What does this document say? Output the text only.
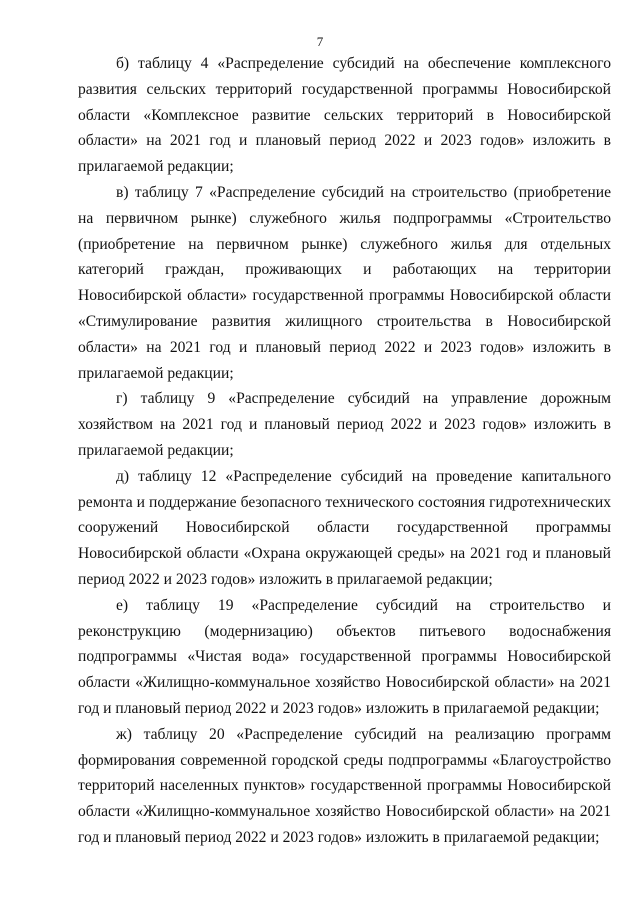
7

б) таблицу 4 «Распределение субсидий на обеспечение комплексного развития сельских территорий государственной программы Новосибирской области «Комплексное развитие сельских территорий в Новосибирской области» на 2021 год и плановый период 2022 и 2023 годов» изложить в прилагаемой редакции;

в) таблицу 7 «Распределение субсидий на строительство (приобретение на первичном рынке) служебного жилья подпрограммы «Строительство (приобретение на первичном рынке) служебного жилья для отдельных категорий граждан, проживающих и работающих на территории Новосибирской области» государственной программы Новосибирской области «Стимулирование развития жилищного строительства в Новосибирской области» на 2021 год и плановый период 2022 и 2023 годов» изложить в прилагаемой редакции;

г) таблицу 9 «Распределение субсидий на управление дорожным хозяйством на 2021 год и плановый период 2022 и 2023 годов» изложить в прилагаемой редакции;

д) таблицу 12 «Распределение субсидий на проведение капитального ремонта и поддержание безопасного технического состояния гидротехнических сооружений Новосибирской области государственной программы Новосибирской области «Охрана окружающей среды» на 2021 год и плановый период 2022 и 2023 годов» изложить в прилагаемой редакции;

е) таблицу 19 «Распределение субсидий на строительство и реконструкцию (модернизацию) объектов питьевого водоснабжения подпрограммы «Чистая вода» государственной программы Новосибирской области «Жилищно-коммунальное хозяйство Новосибирской области» на 2021 год и плановый период 2022 и 2023 годов» изложить в прилагаемой редакции;

ж) таблицу 20 «Распределение субсидий на реализацию программ формирования современной городской среды подпрограммы «Благоустройство территорий населенных пунктов» государственной программы Новосибирской области «Жилищно-коммунальное хозяйство Новосибирской области» на 2021 год и плановый период 2022 и 2023 годов» изложить в прилагаемой редакции;
